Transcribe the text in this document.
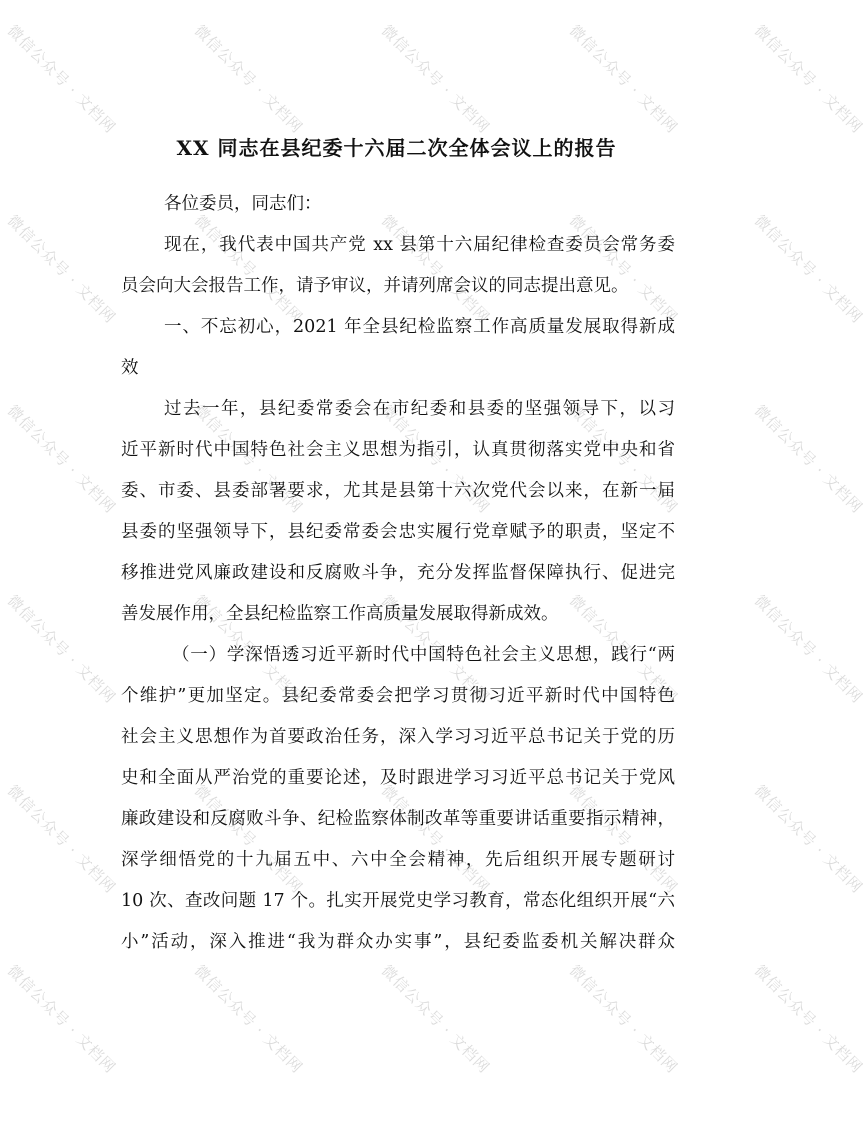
微信公众号 · 文档网	微信公众号 · 文档网	微信公众号 · 文档网	微信公众号 · 文档网	微信公众号 · 文档网
微信公众号 · 文档网	微信公众号 · 文档网	微信公众号 · 文档网	微信公众号 · 文档网	微信公众号 · 文档网
微信公众号 · 文档网	微信公众号 · 文档网	微信公众号 · 文档网	微信公众号 · 文档网	微信公众号 · 文档网
微信公众号 · 文档网	微信公众号 · 文档网	微信公众号 · 文档网	微信公众号 · 文档网	微信公众号 · 文档网
微信公众号 · 文档网	微信公众号 · 文档网	微信公众号 · 文档网	微信公众号 · 文档网	微信公众号 · 文档网
微信公众号 · 文档网	微信公众号 · 文档网	微信公众号 · 文档网	微信公众号 · 文档网	微信公众号 · 文档网
XX 同志在县纪委十六届二次全体会议上的报告
各位委员，同志们：
现在，我代表中国共产党 xx 县第十六届纪律检查委员会常务委
员会向大会报告工作，请予审议，并请列席会议的同志提出意见。
一、不忘初心，2021 年全县纪检监察工作高质量发展取得新成
效
过去一年，县纪委常委会在市纪委和县委的坚强领导下，以习
近平新时代中国特色社会主义思想为指引，认真贯彻落实党中央和省
委、市委、县委部署要求，尤其是县第十六次党代会以来，在新一届
县委的坚强领导下，县纪委常委会忠实履行党章赋予的职责，坚定不
移推进党风廉政建设和反腐败斗争，充分发挥监督保障执行、促进完
善发展作用，全县纪检监察工作高质量发展取得新成效。
（一）学深悟透习近平新时代中国特色社会主义思想，践行“两
个维护”更加坚定。县纪委常委会把学习贯彻习近平新时代中国特色
社会主义思想作为首要政治任务，深入学习习近平总书记关于党的历
史和全面从严治党的重要论述，及时跟进学习习近平总书记关于党风
廉政建设和反腐败斗争、纪检监察体制改革等重要讲话重要指示精神，
深学细悟党的十九届五中、六中全会精神，先后组织开展专题研讨
10 次、查改问题 17 个。扎实开展党史学习教育，常态化组织开展“六
小”活动，深入推进“我为群众办实事”，县纪委监委机关解决群众
